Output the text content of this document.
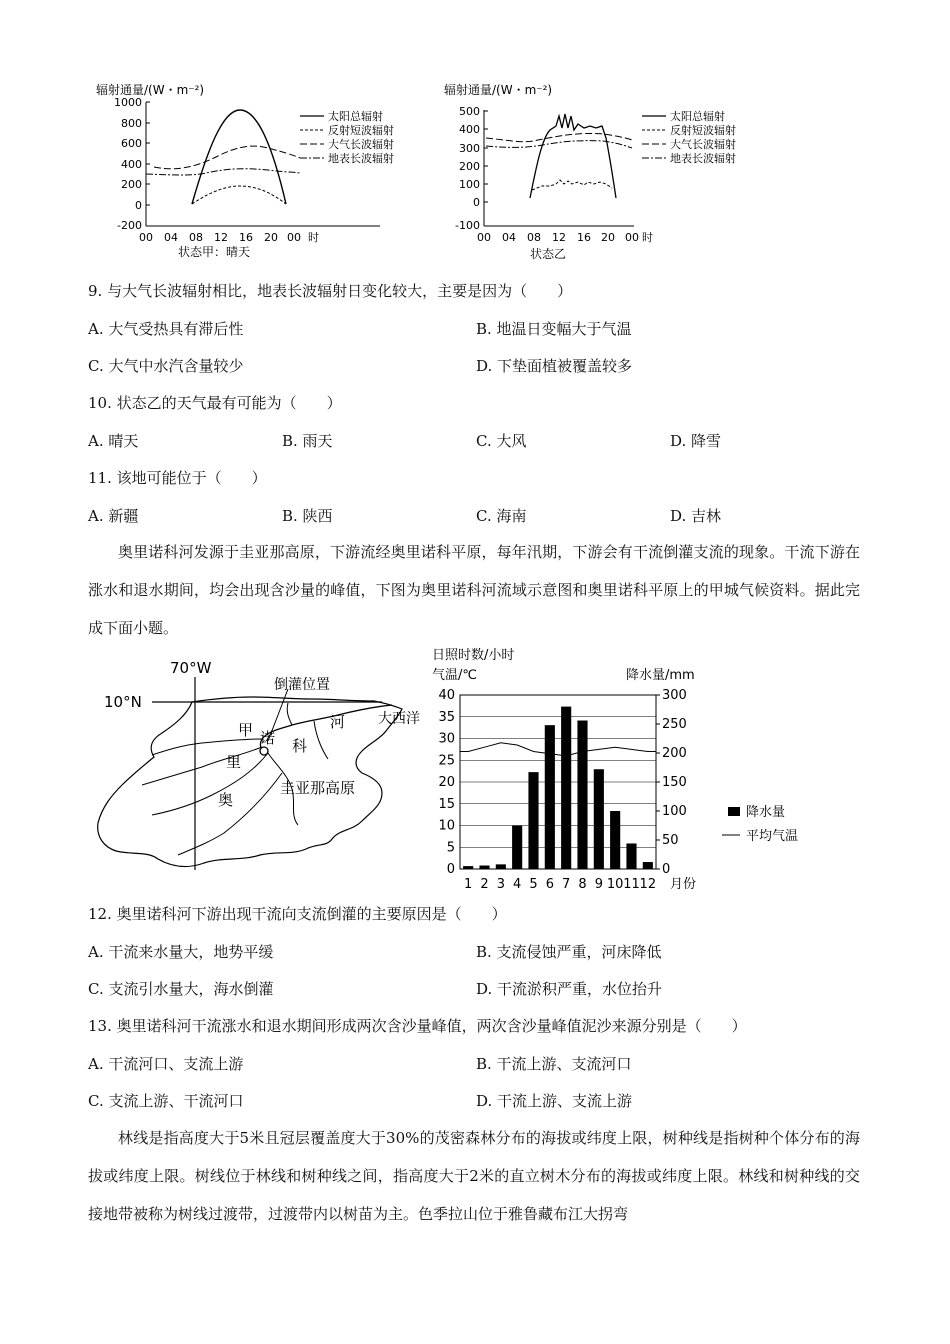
辐射通量/(W・m⁻²)
1000
800
600
400
200
0
-200
00 04 08 12 16 20 00 时
状态甲：晴天
太阳总辐射
反射短波辐射
大气长波辐射
地表长波辐射
辐射通量/(W・m⁻²)
500
400
300
200
100
0
-100
00 04 08 12 16 20 00 时
状态乙
太阳总辐射
反射短波辐射
大气长波辐射
地表长波辐射
9. 与大气长波辐射相比，地表长波辐射日变化较大，主要是因为（　　）
A. 大气受热具有滞后性	B. 地温日变幅大于气温
C. 大气中水汽含量较少	D. 下垫面植被覆盖较多
10. 状态乙的天气最有可能为（　　）
A. 晴天	B. 雨天	C. 大风	D. 降雪
11. 该地可能位于（　　）
A. 新疆	B. 陕西	C. 海南	D. 吉林
奥里诺科河发源于圭亚那高原，下游流经奥里诺科平原，每年汛期，下游会有干流倒灌支流的现象。干流下游在涨水和退水期间，均会出现含沙量的峰值，下图为奥里诺科河流域示意图和奥里诺科平原上的甲城气候资料。据此完成下面小题。
70°W
10°N
倒灌位置
大西洋
甲
奥
里
诺 科
河
圭亚那高原
日照时数/小时
气温/℃	降水量/mm
40
35
30
25
20
15
10
5
0
300
250
200
150
100
50
0
1 2 3 4 5 6 7 8 9 10 11 12 月份
降水量
平均气温
12. 奥里诺科河下游出现干流向支流倒灌的主要原因是（　　）
A. 干流来水量大，地势平缓	B. 支流侵蚀严重，河床降低
C. 支流引水量大，海水倒灌	D. 干流淤积严重，水位抬升
13. 奥里诺科河干流涨水和退水期间形成两次含沙量峰值，两次含沙量峰值泥沙来源分别是（　　）
A. 干流河口、支流上游	B. 干流上游、支流河口
C. 支流上游、干流河口	D. 干流上游、支流上游
林线是指高度大于5米且冠层覆盖度大于30%的茂密森林分布的海拔或纬度上限，树种线是指树种个体分布的海拔或纬度上限。树线位于林线和树种线之间，指高度大于2米的直立树木分布的海拔或纬度上限。林线和树种线的交接地带被称为树线过渡带，过渡带内以树苗为主。色季拉山位于雅鲁藏布江大拐弯
